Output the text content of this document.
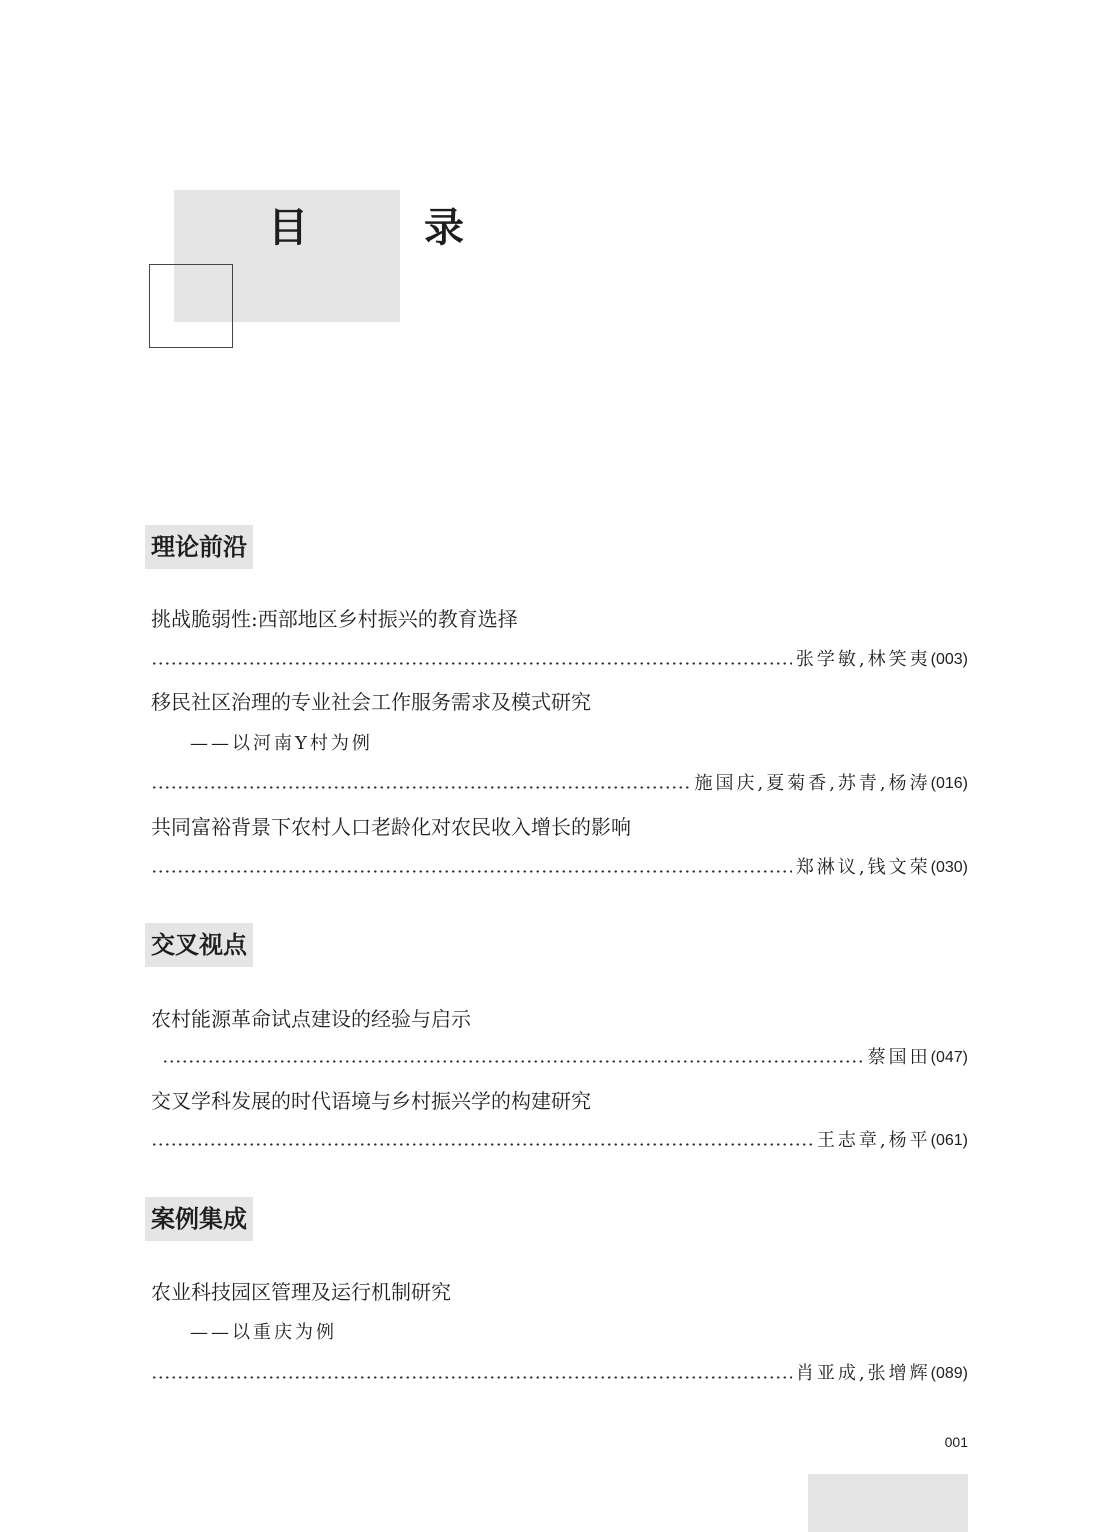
目　录
理论前沿
挑战脆弱性:西部地区乡村振兴的教育选择
张学敏,林笑夷 (003)
移民社区治理的专业社会工作服务需求及模式研究
——以河南Y村为例
施国庆,夏菊香,苏青,杨涛 (016)
共同富裕背景下农村人口老龄化对农民收入增长的影响
郑淋议,钱文荣 (030)
交叉视点
农村能源革命试点建设的经验与启示
蔡国田 (047)
交叉学科发展的时代语境与乡村振兴学的构建研究
王志章,杨平 (061)
案例集成
农业科技园区管理及运行机制研究
——以重庆为例
肖亚成,张增辉 (089)
001
